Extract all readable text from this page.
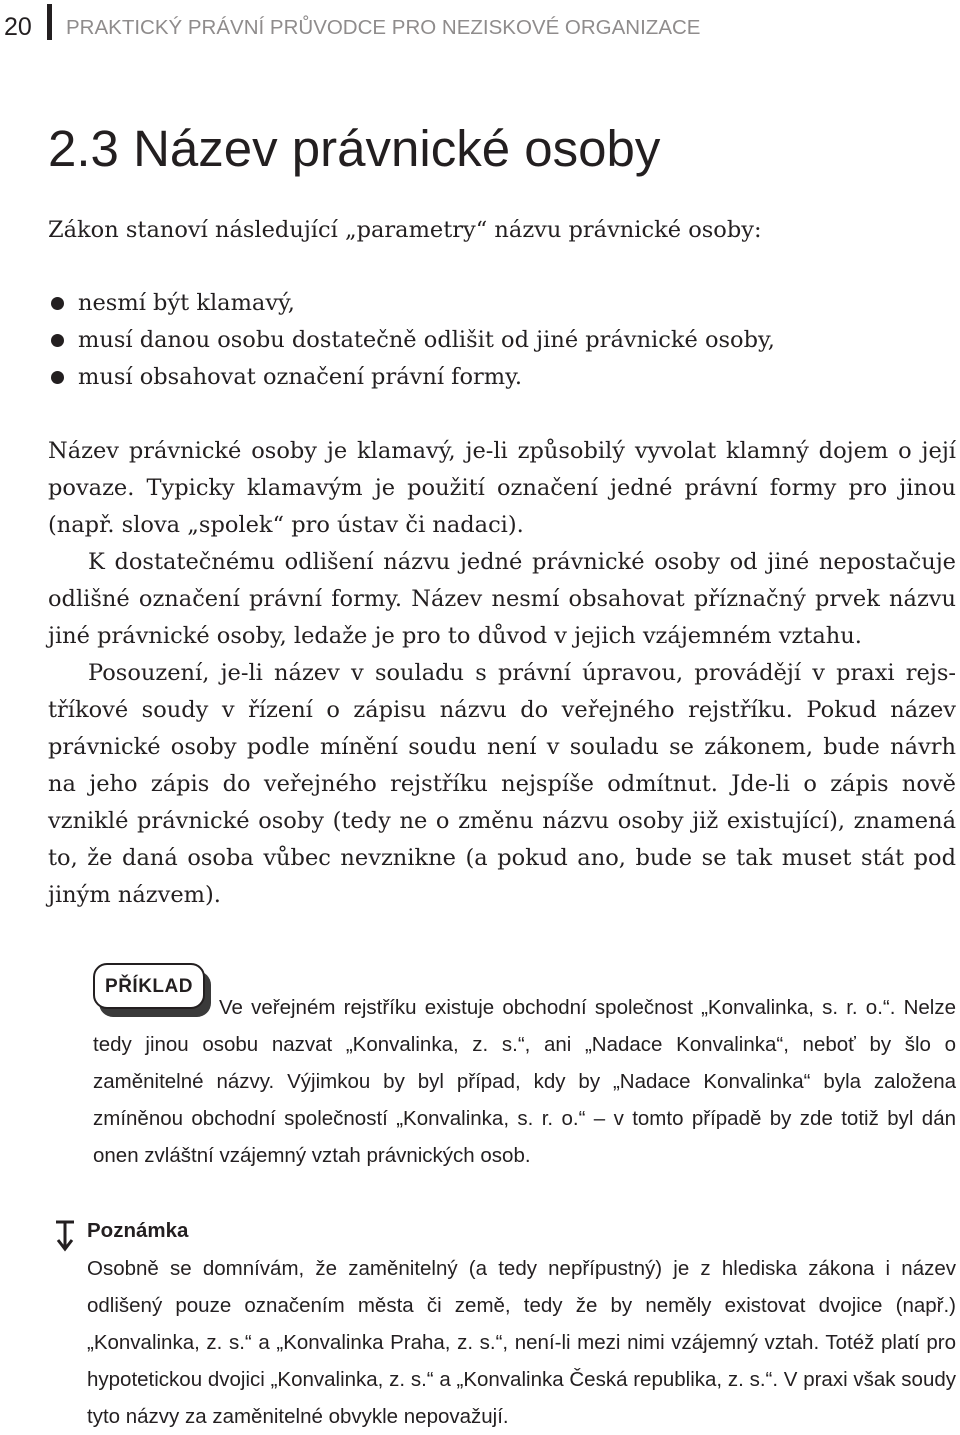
20 PRAKTICKÝ PRÁVNÍ PRŮVODCE PRO NEZISKOVÉ ORGANIZACE
2.3 Název právnické osoby
Zákon stanoví následující „parametry“ názvu právnické osoby:
nesmí být klamavý,
musí danou osobu dostatečně odlišit od jiné právnické osoby,
musí obsahovat označení právní formy.

Název právnické osoby je klamavý, je-li způsobilý vyvolat klamný dojem o její povaze. Typicky klamavým je použití označení jedné právní formy pro jinou (např. slova „spolek“ pro ústav či nadaci).

K dostatečnému odlišení názvu jedné právnické osoby od jiné nepostačuje odlišné označení právní formy. Název nesmí obsahovat příznačný prvek názvu jiné právnické osoby, ledaže je pro to důvod v jejich vzájemném vztahu.

Posouzení, je-li název v souladu s právní úpravou, provádějí v praxi rejstříkové soudy v řízení o zápisu názvu do veřejného rejstříku. Pokud název právnické osoby podle mínění soudu není v souladu se zákonem, bude návrh na jeho zápis do veřejného rejstříku nejspíše odmítnut. Jde-li o zápis nově vzniklé právnické osoby (tedy ne o změnu názvu osoby již existující), znamená to, že daná osoba vůbec nevznikne (a pokud ano, bude se tak muset stát pod jiným názvem).

PŘÍKLAD

Ve veřejném rejstříku existuje obchodní společnost „Konvalinka, s. r. o.“. Nelze tedy jinou osobu nazvat „Konvalinka, z. s.“, ani „Nadace Konvalinka“, neboť by šlo o zaměnitelné názvy. Výjimkou by byl případ, kdy by „Nadace Konvalinka“ byla založena zmíněnou obchodní společností „Konvalinka, s. r. o.“ – v tomto případě by zde totiž byl dán onen zvláštní vzájemný vztah právnických osob.

Poznámka

Osobně se domnívám, že zaměnitelný (a tedy nepřípustný) je z hlediska zákona i název odlišený pouze označením města či země, tedy že by neměly existovat dvojice (např.) „Konvalinka, z. s.“ a „Konvalinka Praha, z. s.“, není-li mezi nimi vzájemný vztah. Totéž platí pro hypotetickou dvojici „Konvalinka, z. s.“ a „Konvalinka Česká republika, z. s.“. V praxi však soudy tyto názvy za zaměnitelné obvykle nepovažují.
